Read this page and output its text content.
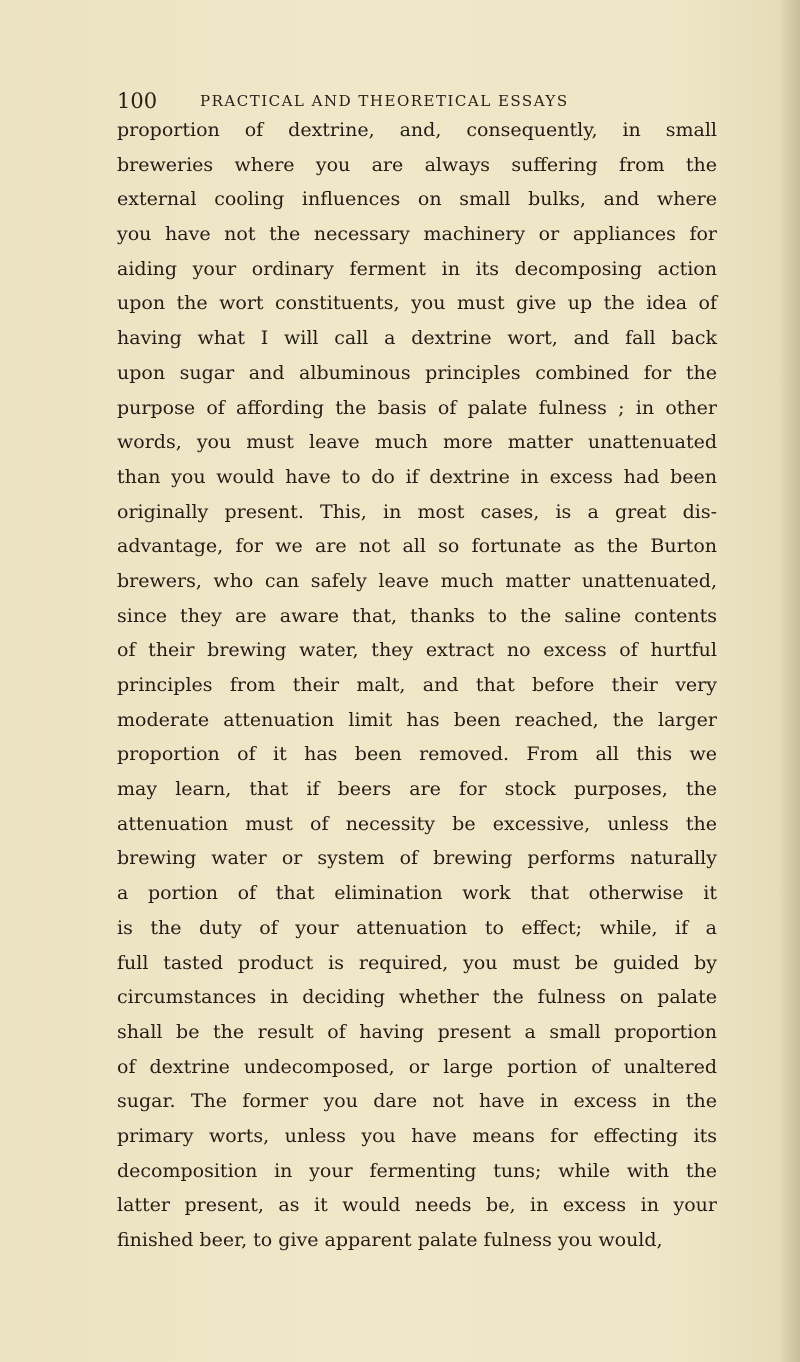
100	PRACTICAL AND THEORETICAL ESSAYS
proportion of dextrine, and, consequently, in small
breweries where you are always suffering from the
external cooling influences on small bulks, and where
you have not the necessary machinery or appliances for
aiding your ordinary ferment in its decomposing action
upon the wort constituents, you must give up the idea of
having what I will call a dextrine wort, and fall back
upon sugar and albuminous principles combined for the
purpose of affording the basis of palate fulness ; in other
words, you must leave much more matter unattenuated
than you would have to do if dextrine in excess had been
originally present. This, in most cases, is a great dis-
advantage, for we are not all so fortunate as the Burton
brewers, who can safely leave much matter unattenuated,
since they are aware that, thanks to the saline contents
of their brewing water, they extract no excess of hurtful
principles from their malt, and that before their very
moderate attenuation limit has been reached, the larger
proportion of it has been removed. From all this we
may learn, that if beers are for stock purposes, the
attenuation must of necessity be excessive, unless the
brewing water or system of brewing performs naturally
a portion of that elimination work that otherwise it
is the duty of your attenuation to effect; while, if a
full tasted product is required, you must be guided by
circumstances in deciding whether the fulness on palate
shall be the result of having present a small proportion
of dextrine undecomposed, or large portion of unaltered
sugar. The former you dare not have in excess in the
primary worts, unless you have means for effecting its
decomposition in your fermenting tuns; while with the
latter present, as it would needs be, in excess in your
finished beer, to give apparent palate fulness you would,
